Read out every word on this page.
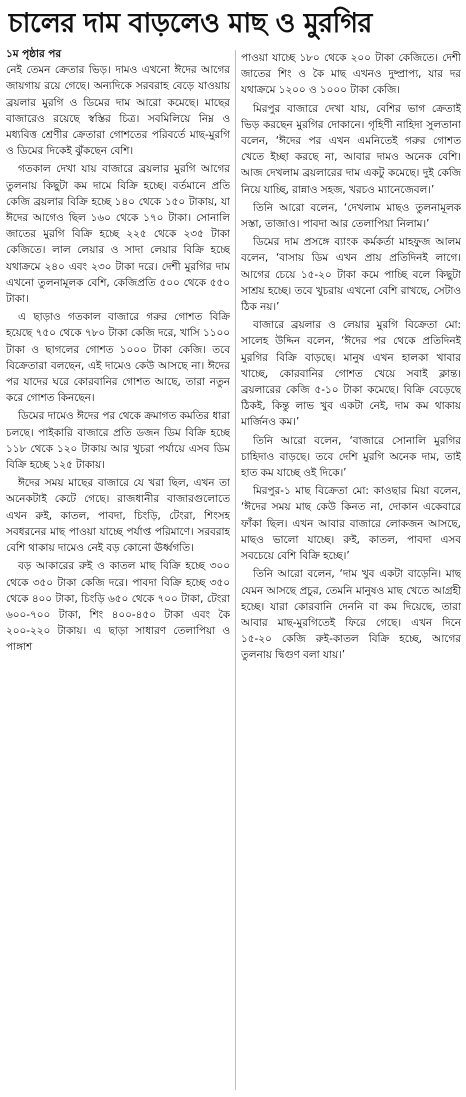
চালের দাম বাড়লেও মাছ ও মুরগির
১ম পৃষ্ঠার পর

নেই তেমন ক্রেতার ভিড়। দামও এখনো ঈদের আগের জায়গায় রয়ে গেছে। অন্যদিকে সরবরাহ বেড়ে যাওয়ায় ব্রয়লার মুরগি ও ডিমের দাম আরো কমেছে। মাছের বাজারেও রয়েছে স্বস্তির চিত্র। সবমিলিয়ে নিম্ন ও মধ্যবিত্ত শ্রেণীর ক্রেতারা গোশতের পরিবর্তে মাছ-মুরগি ও ডিমের দিকেই ঝুঁকছেন বেশি।

গতকাল দেখা যায় বাজারে ব্রয়লার মুরগি আগের তুলনায় কিছুটা কম দামে বিক্রি হচ্ছে। বর্তমানে প্রতি কেজি ব্রয়লার বিক্রি হচ্ছে ১৪০ থেকে ১৫০ টাকায়, যা ঈদের আগেও ছিল ১৬০ থেকে ১৭০ টাকা। সোনালি জাতের মুরগি বিক্রি হচ্ছে ২২৫ থেকে ২৩৫ টাকা কেজিতে। লাল লেয়ার ও সাদা লেয়ার বিক্রি হচ্ছে যথাক্রমে ২৪০ এবং ২৩০ টাকা দরে। দেশী মুরগির দাম এখনো তুলনামূলক বেশি, কেজিপ্রতি ৫০০ থেকে ৫৫০ টাকা।

এ ছাড়াও গতকাল বাজারে গরুর গোশত বিক্রি হয়েছে ৭৫০ থেকে ৭৮০ টাকা কেজি দরে, খাসি ১১০০ টাকা ও ছাগলের গোশত ১০০০ টাকা কেজি। তবে বিক্রেতারা বলছেন, এই দামেও কেউ আসছে না। ঈদের পর যাদের ঘরে কোরবানির গোশত আছে, তারা নতুন করে গোশত কিনছেন।

ডিমের দামেও ঈদের পর থেকে ক্রমাগত কমতির ধারা চলছে। পাইকারি বাজারে প্রতি ডজন ডিম বিক্রি হচ্ছে ১১৮ থেকে ১২০ টাকায় আর খুচরা পর্যায়ে এসব ডিম বিক্রি হচ্ছে ১২৫ টাকায়।

ঈদের সময় মাছের বাজারে যে খরা ছিল, এখন তা অনেকটাই কেটে গেছে। রাজধানীর বাজারগুলোতে এখন রুই, কাতল, পাবদা, চিংড়ি, টেংরা, শিংসহ সবধরনের মাছ পাওয়া যাচ্ছে পর্যাপ্ত পরিমাণে। সরবরাহ বেশি থাকায় দামেও নেই বড় কোনো ঊর্ধ্বগতি।

বড় আকারের রুই ও কাতল মাছ বিক্রি হচ্ছে ৩০০ থেকে ৩৫০ টাকা কেজি দরে। পাবদা বিক্রি হচ্ছে ৩৫০ থেকে ৪০০ টাকা, চিংড়ি ৬৫০ থেকে ৭০০ টাকা, টেংরা ৬০০-৭০০ টাকা, শিং ৪০০-৪৫০ টাকা এবং কৈ ২০০-২২০ টাকায়। এ ছাড়া সাধারণ তেলাপিয়া ও পাঙ্গাশ

পাওয়া যাচ্ছে ১৮০ থেকে ২০০ টাকা কেজিতে। দেশী জাতের শিং ও কৈ মাছ এখনও দুষ্প্রাপ্য, যার দর যথাক্রমে ১২০০ ও ১০০০ টাকা কেজি।

মিরপুর বাজারে দেখা যায়, বেশির ভাগ ক্রেতাই ভিড় করছেন মুরগির দোকানে। গৃহিণী নাহিদা সুলতানা বলেন, ‘ঈদের পর এখন এমনিতেই গরুর গোশত খেতে ইচ্ছা করছে না, আবার দামও অনেক বেশি। আজ দেখলাম ব্রয়লারের দাম একটু কমেছে। দুই কেজি নিয়ে যাচ্ছি, রান্নাও সহজ, খরচও ম্যানেজেবল।’

তিনি আরো বলেন, ‘দেখলাম মাছও তুলনামূলক সস্তা, তাজাও। পাবদা আর তেলাপিয়া নিলাম।’

ডিমের দাম প্রসঙ্গে ব্যাংক কর্মকর্তা মাহফুজ আলম বলেন, ‘বাসায় ডিম এখন প্রায় প্রতিদিনই লাগে। আগের চেয়ে ১৫-২০ টাকা কমে পাচ্ছি বলে কিছুটা সাশ্রয় হচ্ছে। তবে খুচরায় এখনো বেশি রাখছে, সেটাও ঠিক নয়।’

বাজারে ব্রয়লার ও লেয়ার মুরগি বিক্রেতা মো: সালেহ উদ্দিন বলেন, ‘ঈদের পর থেকে প্রতিদিনই মুরগির বিক্রি বাড়ছে। মানুষ এখন হালকা খাবার খাচ্ছে, কোরবানির গোশত খেয়ে সবাই ক্লান্ত। ব্রয়লারের কেজি ৫-১০ টাকা কমেছে। বিক্রি বেড়েছে ঠিকই, কিন্তু লাভ খুব একটা নেই, দাম কম থাকায় মার্জিনও কম।’

তিনি আরো বলেন, ‘বাজারে সোনালি মুরগির চাহিদাও বাড়ছে। তবে দেশি মুরগি অনেক দাম, তাই হাত কম যাচ্ছে ওই দিকে।’

মিরপুর-১ মাছ বিক্রেতা মো: কাওছার মিয়া বলেন, ‘ঈদের সময় মাছ কেউ কিনত না, দোকান একেবারে ফাঁকা ছিল। এখন আবার বাজারে লোকজন আসছে, মাছও ভালো যাচ্ছে। রুই, কাতল, পাবদা এসব সবচেয়ে বেশি বিক্রি হচ্ছে।’

তিনি আরো বলেন, ‘দাম খুব একটা বাড়েনি। মাছ যেমন আসছে প্রচুর, তেমনি মানুষও মাছ খেতে আগ্রহী হচ্ছে। যারা কোরবানি দেননি বা কম দিয়েছে, তারা আবার মাছ-মুরগিতেই ফিরে গেছে। এখন দিনে ১৫-২০ কেজি রুই-কাতল বিক্রি হচ্ছে, আগের তুলনায় দ্বিগুণ বলা যায়।’
